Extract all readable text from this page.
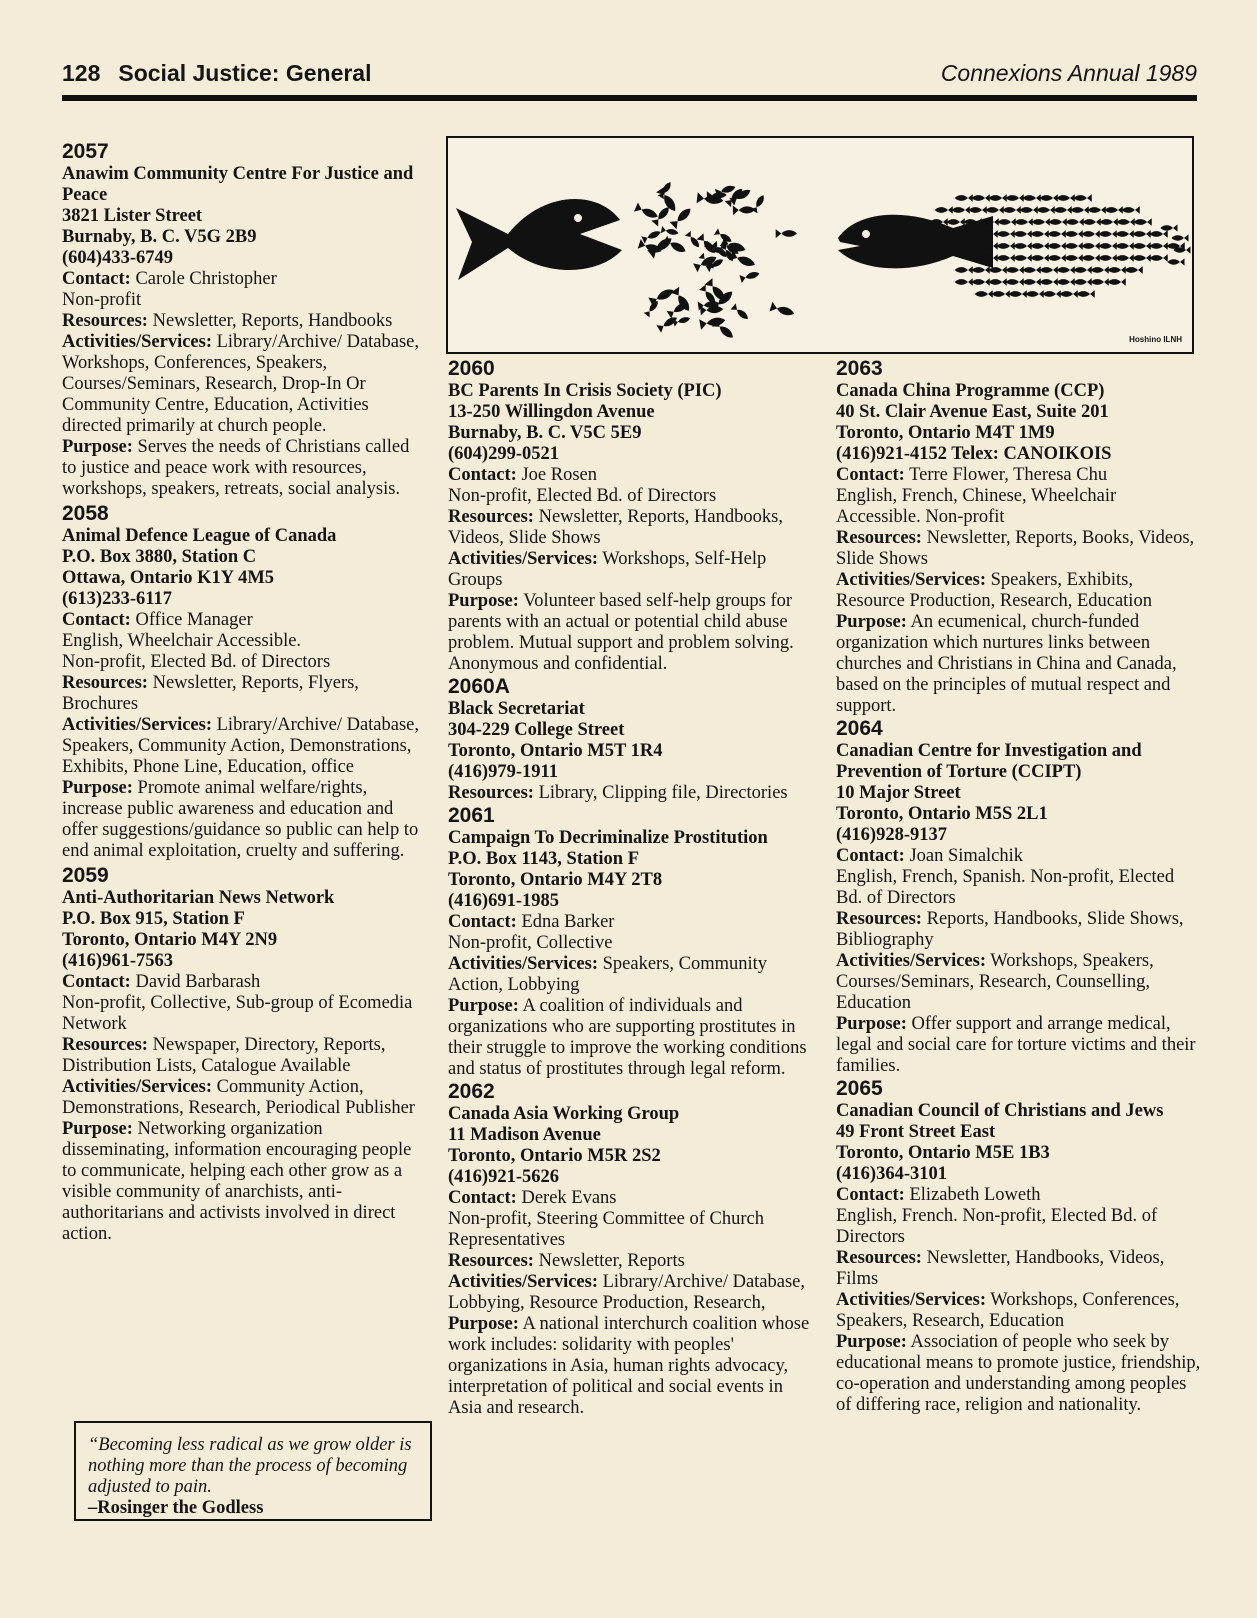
128 Social Justice: General	Connexions Annual 1989
Hoshino ILNH
2057
Anawim Community Centre For Justice and Peace
3821 Lister Street
Burnaby, B. C. V5G 2B9
(604)433-6749
Contact: Carole Christopher
Non-profit
Resources: Newsletter, Reports, Handbooks
Activities/Services: Library/Archive/ Database, Workshops, Conferences, Speakers, Courses/Seminars, Research, Drop-In Or Community Centre, Education, Activities directed primarily at church people.
Purpose: Serves the needs of Christians called to justice and peace work with resources, workshops, speakers, retreats, social analysis.
2058
Animal Defence League of Canada
P.O. Box 3880, Station C
Ottawa, Ontario K1Y 4M5
(613)233-6117
Contact: Office Manager
English, Wheelchair Accessible.
Non-profit, Elected Bd. of Directors
Resources: Newsletter, Reports, Flyers, Brochures
Activities/Services: Library/Archive/ Database, Speakers, Community Action, Demonstrations, Exhibits, Phone Line, Education, office
Purpose: Promote animal welfare/rights, increase public awareness and education and offer suggestions/guidance so public can help to end animal exploitation, cruelty and suffering.
2059
Anti-Authoritarian News Network
P.O. Box 915, Station F
Toronto, Ontario M4Y 2N9
(416)961-7563
Contact: David Barbarash
Non-profit, Collective, Sub-group of Ecomedia Network
Resources: Newspaper, Directory, Reports, Distribution Lists, Catalogue Available
Activities/Services: Community Action, Demonstrations, Research, Periodical Publisher
Purpose: Networking organization disseminating, information encouraging people to communicate, helping each other grow as a visible community of anarchists, anti-authoritarians and activists involved in direct action.
“Becoming less radical as we grow older is nothing more than the process of becoming adjusted to pain.
–Rosinger the Godless
2060
BC Parents In Crisis Society (PIC)
13-250 Willingdon Avenue
Burnaby, B. C. V5C 5E9
(604)299-0521
Contact: Joe Rosen
Non-profit, Elected Bd. of Directors
Resources: Newsletter, Reports, Handbooks, Videos, Slide Shows
Activities/Services: Workshops, Self-Help Groups
Purpose: Volunteer based self-help groups for parents with an actual or potential child abuse problem. Mutual support and problem solving. Anonymous and confidential.
2060A
Black Secretariat
304-229 College Street
Toronto, Ontario M5T 1R4
(416)979-1911
Resources: Library, Clipping file, Directories
2061
Campaign To Decriminalize Prostitution
P.O. Box 1143, Station F
Toronto, Ontario M4Y 2T8
(416)691-1985
Contact: Edna Barker
Non-profit, Collective
Activities/Services: Speakers, Community Action, Lobbying
Purpose: A coalition of individuals and organizations who are supporting prostitutes in their struggle to improve the working conditions and status of prostitutes through legal reform.
2062
Canada Asia Working Group
11 Madison Avenue
Toronto, Ontario M5R 2S2
(416)921-5626
Contact: Derek Evans
Non-profit, Steering Committee of Church Representatives
Resources: Newsletter, Reports
Activities/Services: Library/Archive/ Database, Lobbying, Resource Production, Research,
Purpose: A national interchurch coalition whose work includes: solidarity with peoples' organizations in Asia, human rights advocacy, interpretation of political and social events in Asia and research.
2063
Canada China Programme (CCP)
40 St. Clair Avenue East, Suite 201
Toronto, Ontario M4T 1M9
(416)921-4152 Telex: CANOIKOIS
Contact: Terre Flower, Theresa Chu
English, French, Chinese, Wheelchair Accessible. Non-profit
Resources: Newsletter, Reports, Books, Videos, Slide Shows
Activities/Services: Speakers, Exhibits, Resource Production, Research, Education
Purpose: An ecumenical, church-funded organization which nurtures links between churches and Christians in China and Canada, based on the principles of mutual respect and support.
2064
Canadian Centre for Investigation and Prevention of Torture (CCIPT)
10 Major Street
Toronto, Ontario M5S 2L1
(416)928-9137
Contact: Joan Simalchik
English, French, Spanish. Non-profit, Elected Bd. of Directors
Resources: Reports, Handbooks, Slide Shows, Bibliography
Activities/Services: Workshops, Speakers, Courses/Seminars, Research, Counselling, Education
Purpose: Offer support and arrange medical, legal and social care for torture victims and their families.
2065
Canadian Council of Christians and Jews
49 Front Street East
Toronto, Ontario M5E 1B3
(416)364-3101
Contact: Elizabeth Loweth
English, French. Non-profit, Elected Bd. of Directors
Resources: Newsletter, Handbooks, Videos, Films
Activities/Services: Workshops, Conferences, Speakers, Research, Education
Purpose: Association of people who seek by educational means to promote justice, friendship, co-operation and understanding among peoples of differing race, religion and nationality.
